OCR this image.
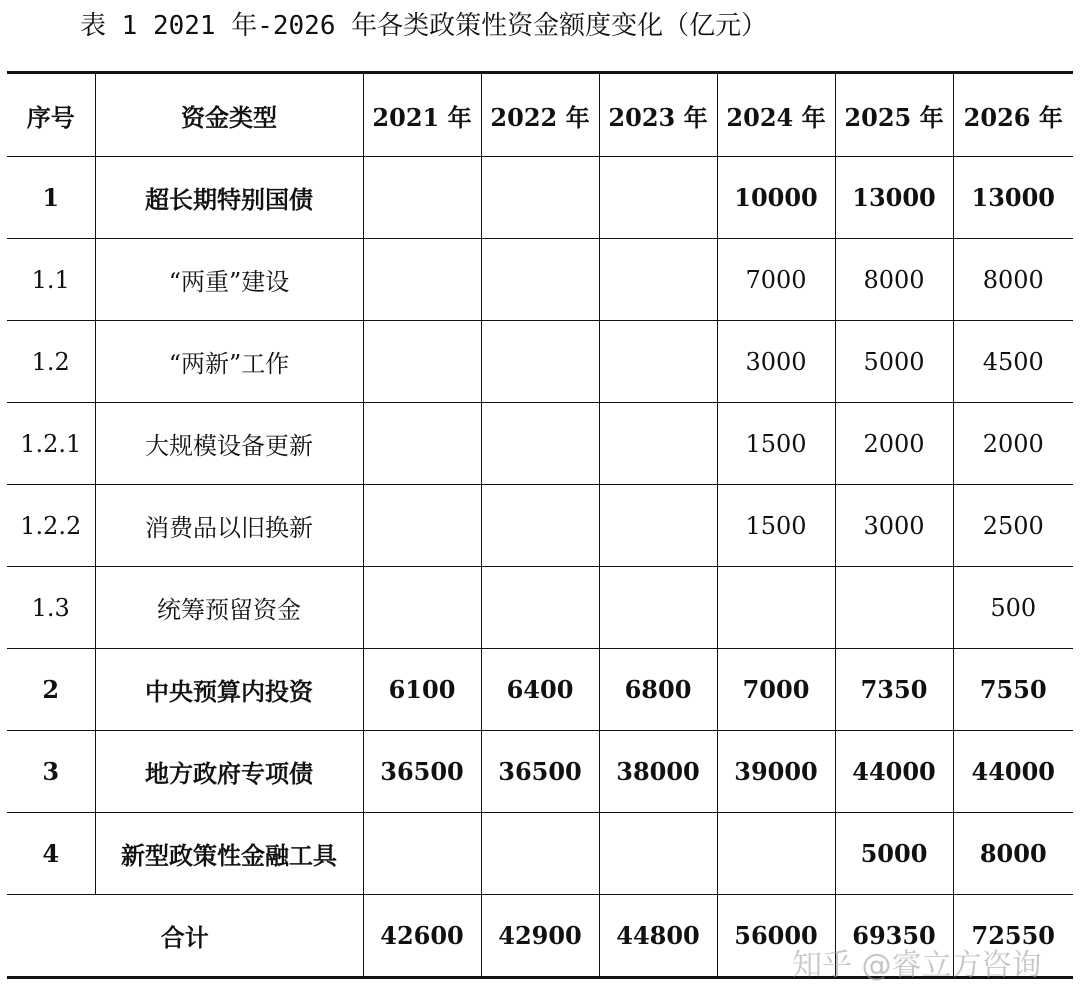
表 1 2021 年-2026 年各类政策性资金额度变化（亿元）
序号	资金类型	2021 年	2022 年	2023 年	2024 年	2025 年	2026 年
1	超长期特别国债				10000	13000	13000
1.1	“两重”建设				7000	8000	8000
1.2	“两新”工作				3000	5000	4500
1.2.1	大规模设备更新				1500	2000	2000
1.2.2	消费品以旧换新				1500	3000	2500
1.3	统筹预留资金						500
2	中央预算内投资	6100	6400	6800	7000	7350	7550
3	地方政府专项债	36500	36500	38000	39000	44000	44000
4	新型政策性金融工具					5000	8000
合计		42600	42900	44800	56000	69350	72550
知乎 @睿立方咨询
